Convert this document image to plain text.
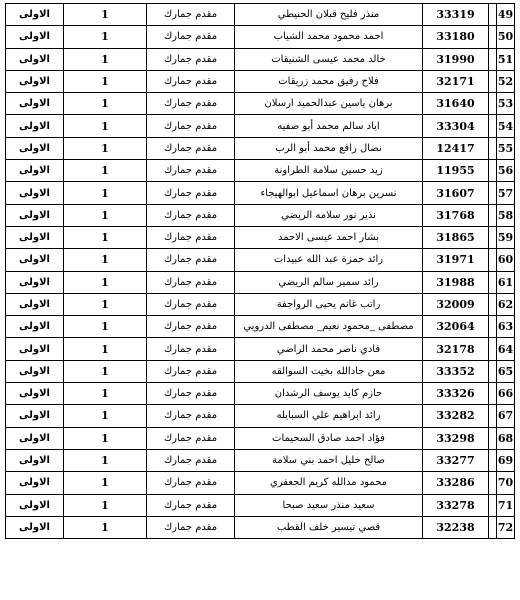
الاولى	1	مقدم جمارك	منذر فليح قبلان الحنيطي	33319		49
الاولى	1	مقدم جمارك	احمد محمود محمد الشياب	33180		50
الاولى	1	مقدم جمارك	خالد محمد عيسى الشنيقات	31990		51
الاولى	1	مقدم جمارك	فلاح رفيق محمد زريقات	32171		52
الاولى	1	مقدم جمارك	برهان ياسين عبدالحميد ارسلان	31640		53
الاولى	1	مقدم جمارك	اياد سالم محمد أبو صفيه	33304		54
الاولى	1	مقدم جمارك	نضال رافع محمد أبو الرب	12417		55
الاولى	1	مقدم جمارك	زيد حسين سلامة الطراونة	11955		56
الاولى	1	مقدم جمارك	نسرين برهان اسماعيل ابوالهيجاء	31607		57
الاولى	1	مقدم جمارك	نذير نور سلامه الريضي	31768		58
الاولى	1	مقدم جمارك	بشار احمد عيسى الاحمد	31865		59
الاولى	1	مقدم جمارك	رائد حمزة عبد الله عبيدات	31971		60
الاولى	1	مقدم جمارك	رائد سمير سالم الريضي	31988		61
الاولى	1	مقدم جمارك	راتب غانم يحيى الرواجفة	32009		62
الاولى	1	مقدم جمارك	مصطفى _محمود نعيم_ مصطفى الدرويي	32064		63
الاولى	1	مقدم جمارك	فادي ناصر محمد الراضي	32178		64
الاولى	1	مقدم جمارك	معن جادالله بخيت السوالقه	33352		65
الاولى	1	مقدم جمارك	حازم كايد يوسف الرشدان	33326		66
الاولى	1	مقدم جمارك	رائد ابراهيم علي السبايله	33282		67
الاولى	1	مقدم جمارك	فؤاد احمد صادق السحيمات	33298		68
الاولى	1	مقدم جمارك	صالح خليل احمد بني سلامة	33277		69
الاولى	1	مقدم جمارك	محمود مدالله كريم الجعفري	33286		70
الاولى	1	مقدم جمارك	سعيد منذر سعيد صبحا	33278		71
الاولى	1	مقدم جمارك	قصي تيسير خلف القطب	32238		72
